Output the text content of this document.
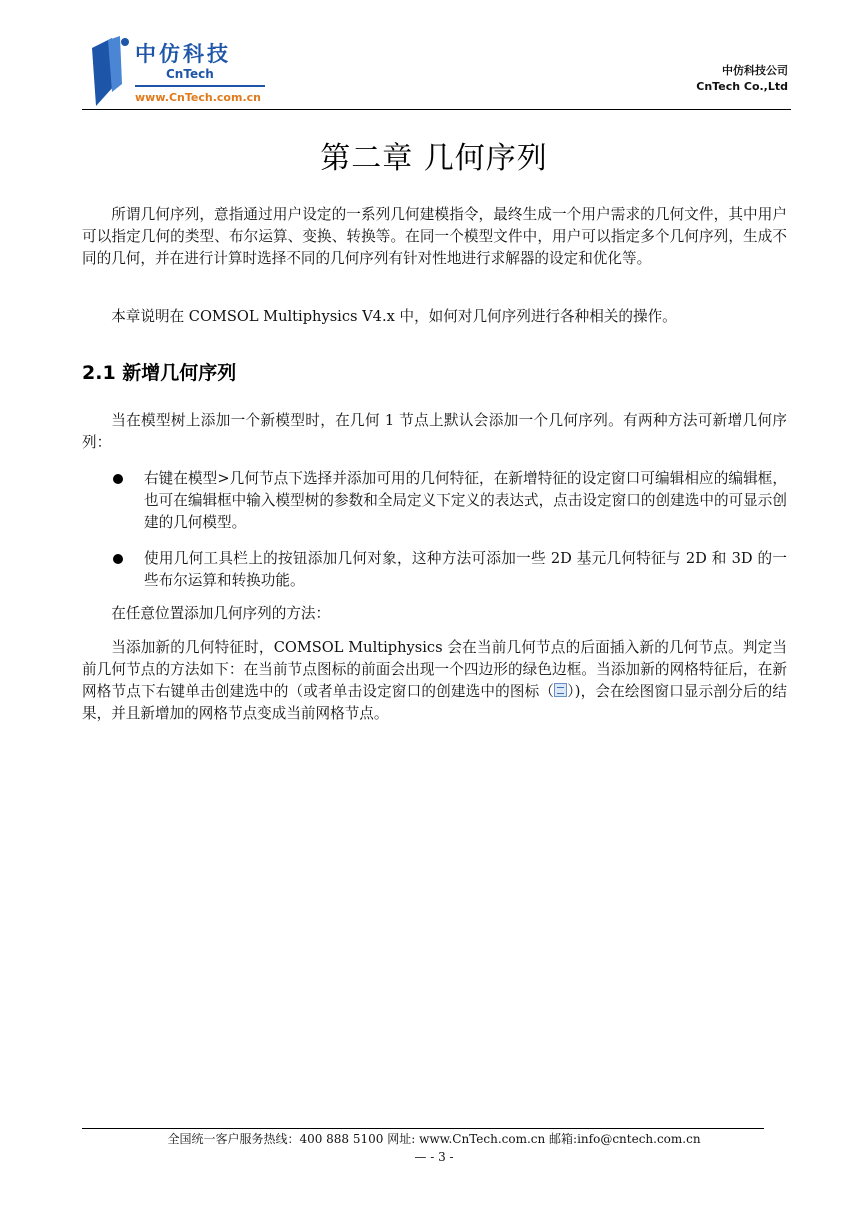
中仿科技
CnTech
www.CnTech.com.cn
中仿科技公司
CnTech Co.,Ltd
第二章 几何序列

所谓几何序列，意指通过用户设定的一系列几何建模指令，最终生成一个用户需求的几何文件，其中用户可以指定几何的类型、布尔运算、变换、转换等。在同一个模型文件中，用户可以指定多个几何序列，生成不同的几何，并在进行计算时选择不同的几何序列有针对性地进行求解器的设定和优化等。

本章说明在 COMSOL Multiphysics V4.x 中，如何对几何序列进行各种相关的操作。

2.1 新增几何序列

当在模型树上添加一个新模型时，在几何 1 节点上默认会添加一个几何序列。有两种方法可新增几何序列：

右键在模型>几何节点下选择并添加可用的几何特征，在新增特征的设定窗口可编辑相应的编辑框，也可在编辑框中输入模型树的参数和全局定义下定义的表达式，点击设定窗口的创建选中的可显示创建的几何模型。
使用几何工具栏上的按钮添加几何对象，这种方法可添加一些 2D 基元几何特征与 2D 和 3D 的一些布尔运算和转换功能。

在任意位置添加几何序列的方法：

当添加新的几何特征时，COMSOL Multiphysics 会在当前几何节点的后面插入新的几何节点。判定当前几何节点的方法如下：在当前节点图标的前面会出现一个四边形的绿色边框。当添加新的网格特征后，在新网格节点下右键单击创建选中的（或者单击设定窗口的创建选中的图标（ ）)，会在绘图窗口显示剖分后的结果，并且新增加的网格节点变成当前网格节点。

全国统一客户服务热线：400 888 5100 网址: www.CnTech.com.cn 邮箱:info@cntech.com.cn
— - 3 -
